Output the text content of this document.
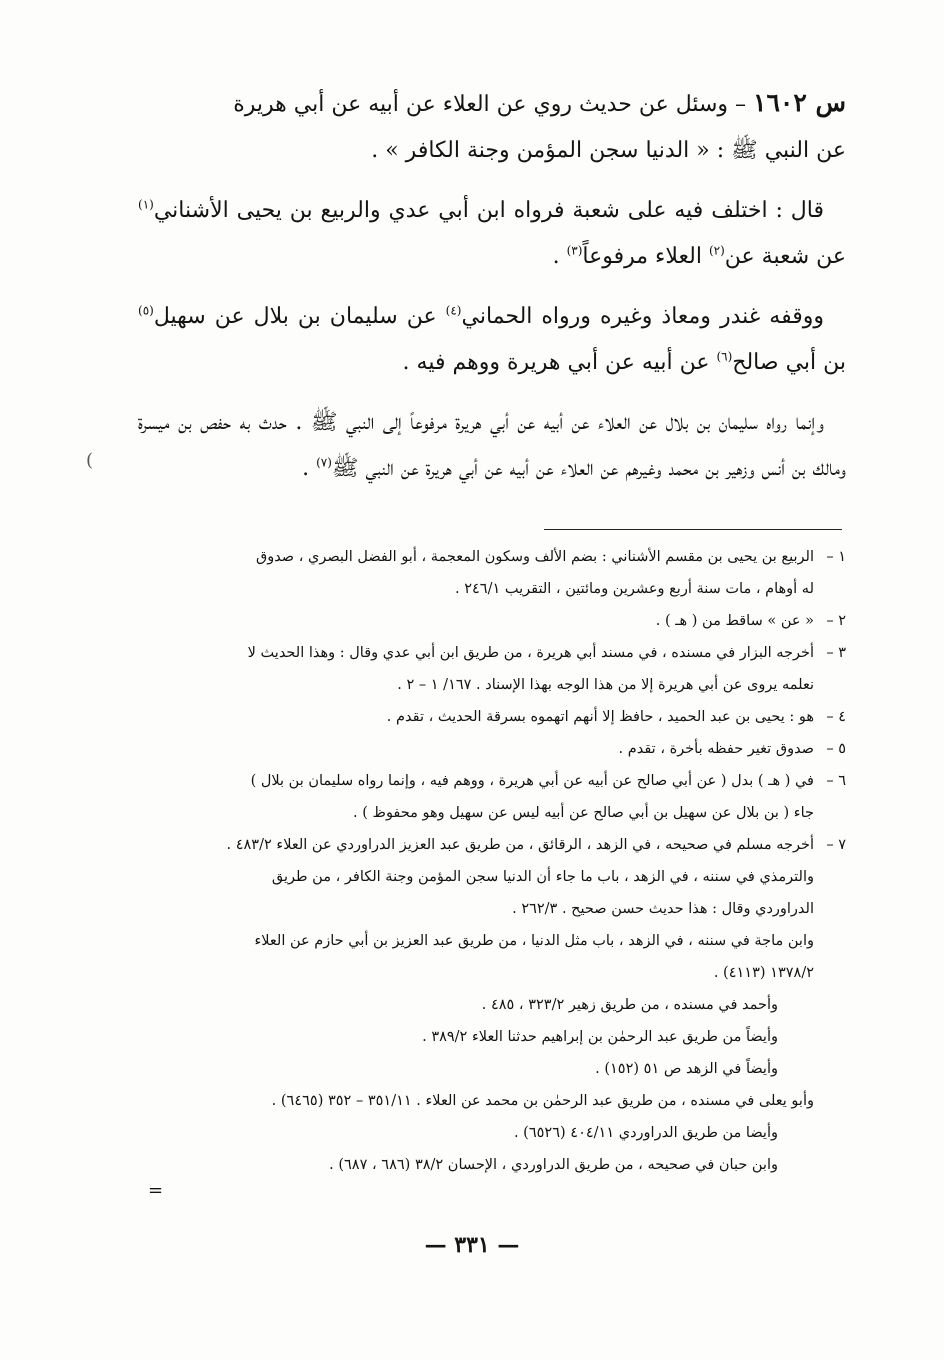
س ١٦٠٢ – وسئل عن حديث روي عن العلاء عن أبيه عن أبي هريرة
عن النبي ﷺ : « الدنيا سجن المؤمن وجنة الكافر » .

قال : اختلف فيه على شعبة فرواه ابن أبي عدي والربيع بن يحيى الأشناني$^{(١)}$ عن شعبة عن$^{(٢)}$ العلاء مرفوعاً$^{(٣)}$ .

ووقفه غندر ومعاذ وغيره ورواه الحماني$^{(٤)}$ عن سليمان بن بلال عن سهيل$^{(٥)}$ بن أبي صالح$^{(٦)}$ عن أبيه عن أبي هريرة ووهم فيه .

وإنما رواه سليمان بن بلال عن العلاء عن أبيه عن أبي هريرة مرفوعاً إلى النبي ﷺ . حدث به حفص بن ميسرة ومالك بن أنس وزهير بن محمد وغيرهم عن العلاء عن أبيه عن أبي هريرة عن النبي ﷺ$^{(٧)}$ .

١ –
الربيع بن يحيى بن مقسم الأشناني : بضم الألف وسكون المعجمة ، أبو الفضل البصري ، صدوق
له أوهام ، مات سنة أربع وعشرين ومائتين ، التقريب ٢٤٦/١ .
٢ –
« عن » ساقط من ( هـ ) .
٣ –
أخرجه البزار في مسنده ، في مسند أبي هريرة ، من طريق ابن أبي عدي وقال : وهذا الحديث لا
نعلمه يروى عن أبي هريرة إلا من هذا الوجه بهذا الإسناد . ١٦٧/ ١ – ٢ .
٤ –
هو : يحيى بن عبد الحميد ، حافظ إلا أنهم اتهموه بسرقة الحديث ، تقدم .
٥ –
صدوق تغير حفظه بأخرة ، تقدم .
٦ –
في ( هـ ) بدل ( عن أبي صالح عن أبيه عن أبي هريرة ، ووهم فيه ، وإنما رواه سليمان بن بلال )
جاء ( بن بلال عن سهيل بن أبي صالح عن أبيه ليس عن سهيل وهو محفوظ ) .
٧ –
أخرجه مسلم في صحيحه ، في الزهد ، الرقائق ، من طريق عبد العزيز الدراوردي عن العلاء ٤٨٣/٢ .
والترمذي في سننه ، في الزهد ، باب ما جاء أن الدنيا سجن المؤمن وجنة الكافر ، من طريق
الدراوردي وقال : هذا حديث حسن صحيح . ٢٦٢/٣ .
وابن ماجة في سننه ، في الزهد ، باب مثل الدنيا ، من طريق عبد العزيز بن أبي حازم عن العلاء
١٣٧٨/٢ (٤١١٣) .
وأحمد في مسنده ، من طريق زهير ٣٢٣/٢ ، ٤٨٥ .
وأيضاً من طريق عبد الرحمٰن بن إبراهيم حدثنا العلاء ٣٨٩/٢ .
وأيضاً في الزهد ص ٥١ (١٥٢) .
وأبو يعلى في مسنده ، من طريق عبد الرحمٰن بن محمد عن العلاء . ٣٥١/١١ – ٣٥٢ (٦٤٦٥) .
وأيضا من طريق الدراوردي ٤٠٤/١١ (٦٥٢٦) .
وابن حبان في صحيحه ، من طريق الدراوردي ، الإحسان ٣٨/٢ (٦٨٦ ، ٦٨٧) .
=
— ٣٣١ —
(
